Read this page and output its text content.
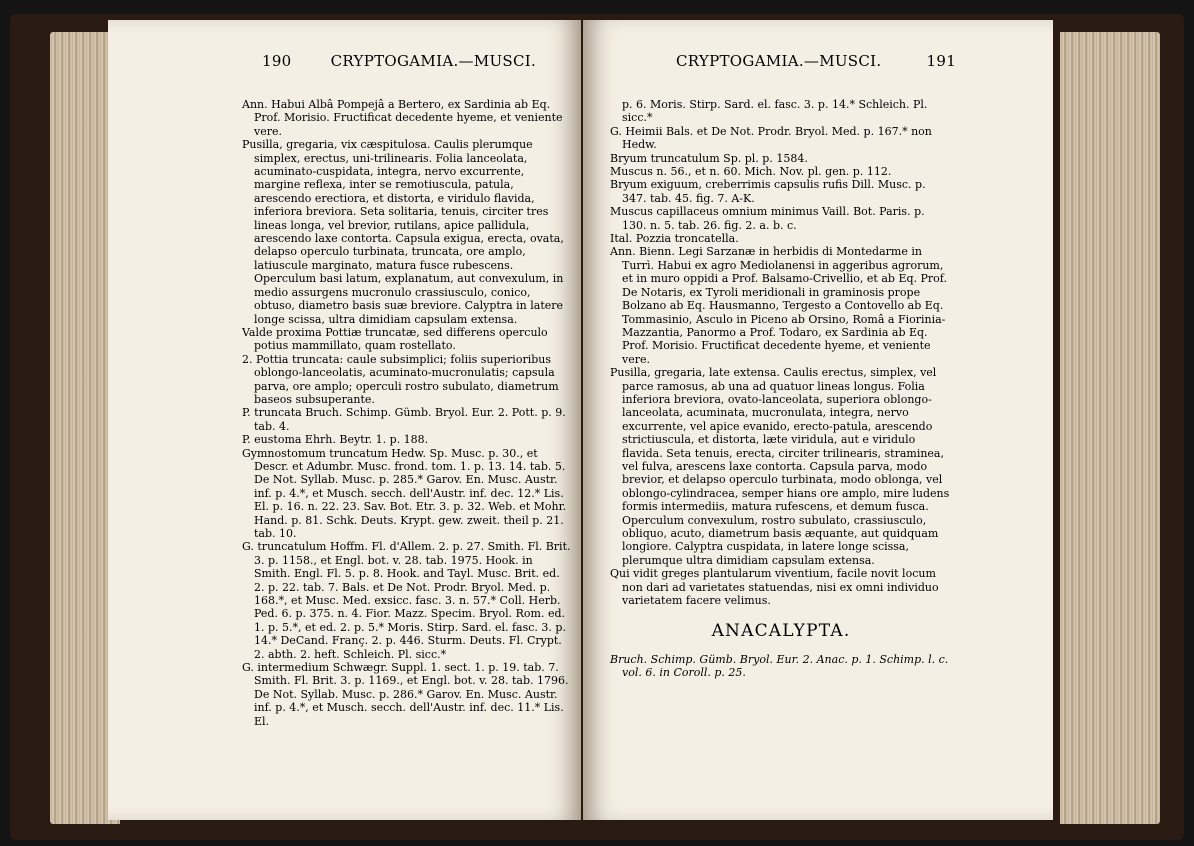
190	CRYPTOGAMIA.—MUSCI.	CRYPTOGAMIA.—MUSCI.	191

Ann. Habui Albâ Pompejâ a Bertero, ex Sardinia ab Eq. Prof. Morisio. Fructificat decedente hyeme, et veniente vere.

Pusilla, gregaria, vix cæspitulosa. Caulis plerumque simplex, erectus, uni-trilinearis. Folia lanceolata, acuminato-cuspidata, integra, nervo excurrente, margine reflexa, inter se remotiuscula, patula, arescendo erectiora, et distorta, e viridulo flavida, inferiora breviora. Seta solitaria, tenuis, circiter tres lineas longa, vel brevior, rutilans, apice pallidula, arescendo laxe contorta. Capsula exigua, erecta, ovata, delapso operculo turbinata, truncata, ore amplo, latiuscule marginato, matura fusce rubescens. Operculum basi latum, explanatum, aut convexulum, in medio assurgens mucronulo crassiusculo, conico, obtuso, diametro basis suæ breviore. Calyptra in latere longe scissa, ultra dimidiam capsulam extensa.

Valde proxima Pottiæ truncatæ, sed differens operculo potius mammillato, quam rostellato.

2. Pottia truncata: caule subsimplici; foliis superioribus oblongo-lanceolatis, acuminato-mucronulatis; capsula parva, ore amplo; operculi rostro subulato, diametrum baseos subsuperante.

P. truncata Bruch. Schimp. Gümb. Bryol. Eur. 2. Pott. p. 9. tab. 4.

P. eustoma Ehrh. Beytr. 1. p. 188.

Gymnostomum truncatum Hedw. Sp. Musc. p. 30., et Descr. et Adumbr. Musc. frond. tom. 1. p. 13. 14. tab. 5. De Not. Syllab. Musc. p. 285.* Garov. En. Musc. Austr. inf. p. 4.*, et Musch. secch. dell'Austr. inf. dec. 12.* Lis. El. p. 16. n. 22. 23. Sav. Bot. Etr. 3. p. 32. Web. et Mohr. Hand. p. 81. Schk. Deuts. Krypt. gew. zweit. theil p. 21. tab. 10.

G. truncatulum Hoffm. Fl. d'Allem. 2. p. 27. Smith. Fl. Brit. 3. p. 1158., et Engl. bot. v. 28. tab. 1975. Hook. in Smith. Engl. Fl. 5. p. 8. Hook. and Tayl. Musc. Brit. ed. 2. p. 22. tab. 7. Bals. et De Not. Prodr. Bryol. Med. p. 168.*, et Musc. Med. exsicc. fasc. 3. n. 57.* Coll. Herb. Ped. 6. p. 375. n. 4. Fior. Mazz. Specim. Bryol. Rom. ed. 1. p. 5.*, et ed. 2. p. 5.* Moris. Stirp. Sard. el. fasc. 3. p. 14.* DeCand. Franç. 2. p. 446. Sturm. Deuts. Fl. Crypt. 2. abth. 2. heft. Schleich. Pl. sicc.*

G. intermedium Schwægr. Suppl. 1. sect. 1. p. 19. tab. 7. Smith. Fl. Brit. 3. p. 1169., et Engl. bot. v. 28. tab. 1796. De Not. Syllab. Musc. p. 286.* Garov. En. Musc. Austr. inf. p. 4.*, et Musch. secch. dell'Austr. inf. dec. 11.* Lis. El.

p. 6. Moris. Stirp. Sard. el. fasc. 3. p. 14.* Schleich. Pl. sicc.*

G. Heimii Bals. et De Not. Prodr. Bryol. Med. p. 167.* non Hedw.

Bryum truncatulum Sp. pl. p. 1584.

Muscus n. 56., et n. 60. Mich. Nov. pl. gen. p. 112.

Bryum exiguum, creberrimis capsulis rufis Dill. Musc. p. 347. tab. 45. fig. 7. A-K.

Muscus capillaceus omnium minimus Vaill. Bot. Paris. p. 130. n. 5. tab. 26. fig. 2. a. b. c.

Ital. Pozzia troncatella.

Ann. Bienn. Legi Sarzanæ in herbidis di Montedarme in Turrì. Habui ex agro Mediolanensi in aggeribus agrorum, et in muro oppidi a Prof. Balsamo-Crivellio, et ab Eq. Prof. De Notaris, ex Tyroli meridionali in graminosis prope Bolzano ab Eq. Hausmanno, Tergesto a Contovello ab Eq. Tommasinio, Asculo in Piceno ab Orsino, Româ a Fiorinia-Mazzantia, Panormo a Prof. Todaro, ex Sardinia ab Eq. Prof. Morisio. Fructificat decedente hyeme, et veniente vere.

Pusilla, gregaria, late extensa. Caulis erectus, simplex, vel parce ramosus, ab una ad quatuor lineas longus. Folia inferiora breviora, ovato-lanceolata, superiora oblongo-lanceolata, acuminata, mucronulata, integra, nervo excurrente, vel apice evanido, erecto-patula, arescendo strictiuscula, et distorta, læte viridula, aut e viridulo flavida. Seta tenuis, erecta, circiter trilinearis, straminea, vel fulva, arescens laxe contorta. Capsula parva, modo brevior, et delapso operculo turbinata, modo oblonga, vel oblongo-cylindracea, semper hians ore amplo, mire ludens formis intermediis, matura rufescens, et demum fusca. Operculum convexulum, rostro subulato, crassiusculo, obliquo, acuto, diametrum basis æquante, aut quidquam longiore. Calyptra cuspidata, in latere longe scissa, plerumque ultra dimidiam capsulam extensa.

Qui vidit greges plantularum viventium, facile novit locum non dari ad varietates statuendas, nisi ex omni individuo varietatem facere velimus.

ANACALYPTA.

Bruch. Schimp. Gümb. Bryol. Eur. 2. Anac. p. 1. Schimp. l. c. vol. 6. in Coroll. p. 25.
